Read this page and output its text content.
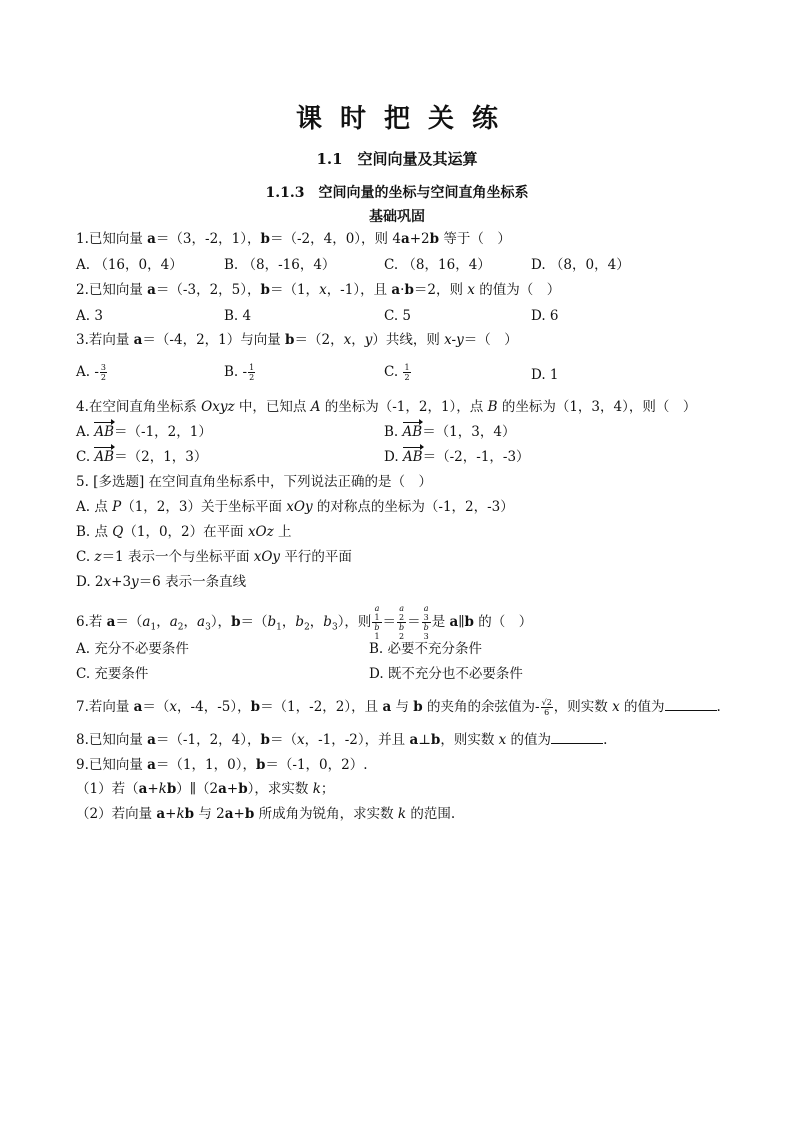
课时把关练
1.1　空间向量及其运算
1.1.3　空间向量的坐标与空间直角坐标系
基础巩固
1.已知向量 a＝（3，-2，1），b＝（-2，4，0），则 4a+2b 等于（　）
A. （16，0，4）	B. （8，-16，4）	C. （8，16，4）	D. （8，0，4）
2.已知向量 a＝（-3，2，5），b＝（1，x，-1），且 a·b＝2，则 x 的值为（　）
A. 3	B. 4	C. 5	D. 6
3.若向量 a＝（-4，2，1）与向量 b＝（2，x，y）共线，则 x-y＝（　）
A. - $\frac{3}{2}$	B. - $\frac{1}{2}$	C. $\frac{1}{2}$	D. 1
4.在空间直角坐标系 Oxyz 中，已知点 A 的坐标为（-1，2，1），点 B 的坐标为（1，3，4），则（　）
A. AB＝（-1，2，1）	B. AB＝（1，3，4）
C. AB＝（2，1，3）	D. AB＝（-2，-1，-3）
5. [多选题] 在空间直角坐标系中，下列说法正确的是（　）
A. 点 P（1，2，3）关于坐标平面 xOy 的对称点的坐标为（-1，2，-3）
B. 点 Q（1，0，2）在平面 xOz 上
C. z＝1 表示一个与坐标平面 xOy 平行的平面
D. 2x+3y＝6 表示一条直线
6.若 $a=(a_1$，$a_2$，$a_3$），$b=(b_1$，$b_2$，$b_3$），则 a
1
b
1 ＝ a
2
b
2 ＝ a
3
b
3 是 a∥b 的（　）
A. 充分不必要条件	B. 必要不充分条件
C. 充要条件	D. 既不充分也不必要条件
7.若向量 a＝（x，-4，-5），b＝（1，-2，2），且 a 与 b 的夹角的余弦值为- $\frac{√2}{6}$ ，则实数 x 的值为	.
8.已知向量 a＝（-1，2，4），b＝（x，-1，-2），并且 a⊥b，则实数 x 的值为	.
9.已知向量 a＝（1，1，0），b＝（-1，0，2）.
（1）若（a+kb）∥（2a+b），求实数 k；
（2）若向量 a+kb 与 2a+b 所成角为锐角，求实数 k 的范围.
